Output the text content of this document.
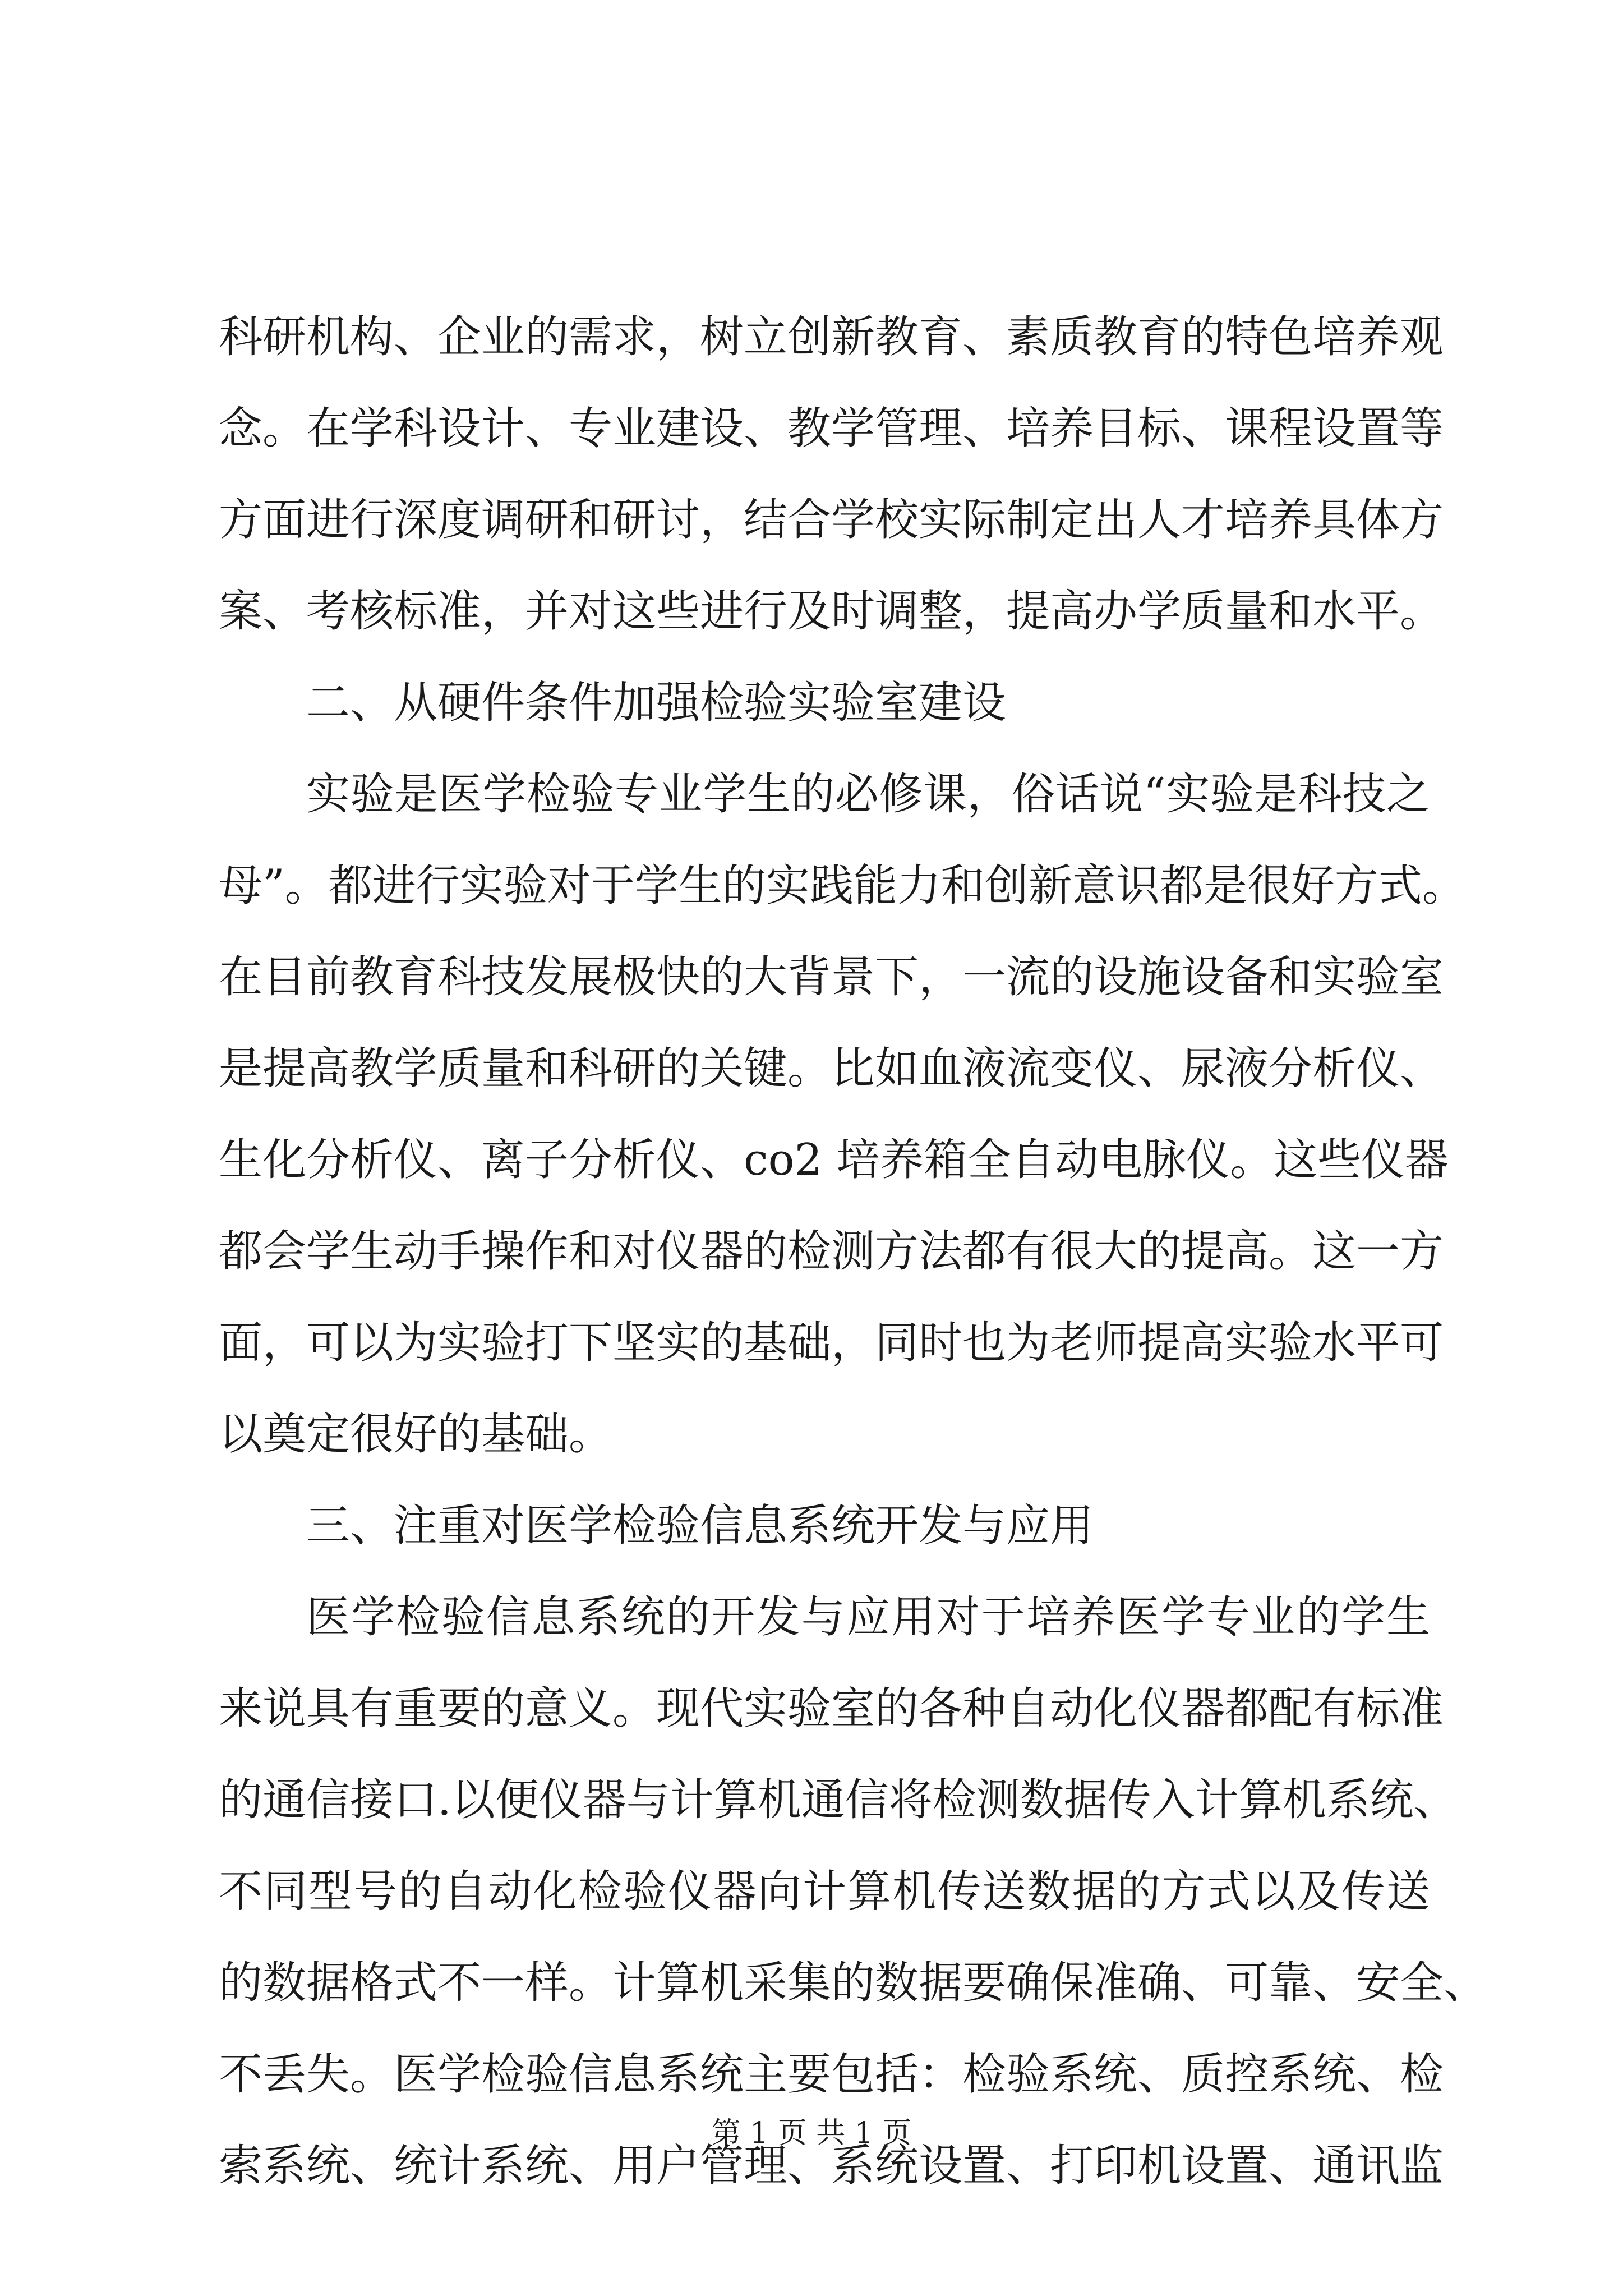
科研机构、企业的需求，树立创新教育、素质教育的特色培养观
念。在学科设计、专业建设、教学管理、培养目标、课程设置等
方面进行深度调研和研讨，结合学校实际制定出人才培养具体方
案、考核标准，并对这些进行及时调整，提高办学质量和水平。
二、从硬件条件加强检验实验室建设
实验是医学检验专业学生的必修课，俗话说“实验是科技之
母”。都进行实验对于学生的实践能力和创新意识都是很好方式。
在目前教育科技发展极快的大背景下，一流的设施设备和实验室
是提高教学质量和科研的关键。比如血液流变仪、尿液分析仪、
生化分析仪、离子分析仪、co2 培养箱全自动电脉仪。这些仪器
都会学生动手操作和对仪器的检测方法都有很大的提高。这一方
面，可以为实验打下坚实的基础，同时也为老师提高实验水平可
以奠定很好的基础。
三、注重对医学检验信息系统开发与应用
医学检验信息系统的开发与应用对于培养医学专业的学生
来说具有重要的意义。现代实验室的各种自动化仪器都配有标准
的通信接口.以便仪器与计算机通信将检测数据传入计算机系统、
不同型号的自动化检验仪器向计算机传送数据的方式以及传送
的数据格式不一样。计算机采集的数据要确保准确、可靠、安全、
不丢失。医学检验信息系统主要包括：检验系统、质控系统、检
索系统、统计系统、用户管理、系统设置、打印机设置、通讯监
第 1 页 共 1 页
